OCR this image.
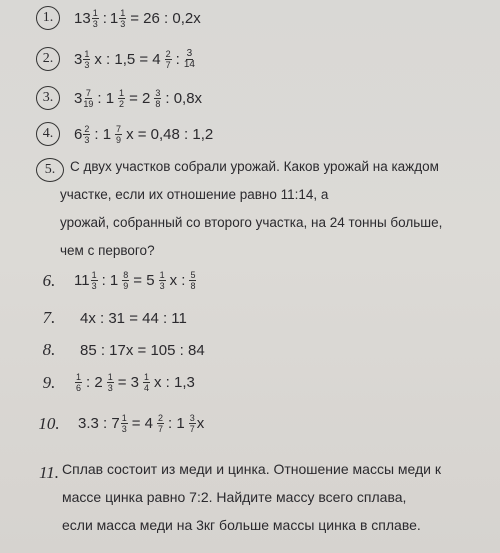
1.	$13 \frac{1}{3}$ : $1 \frac{1}{3} = 26$ : 0,2x
2.	$3 \frac{1}{3}$ x : $1,5 = 4 \frac{2}{7}$ : $\frac{3}{14}$
3.	$3 \frac{7}{19}$ : $1 \frac{1}{2} = 2 \frac{3}{8}$ : 0,8x
4.	$6 \frac{2}{3}$ : $1 \frac{7}{9}$ x = 0,48 : 1,2
5.	С двух участков собрали урожай. Каков урожай на каждом
участке, если их отношение равно 11:14, а
урожай, собранный со второго участка, на 24 тонны больше,
чем с первого?
6.	$11 \frac{1}{3}$ : $1 \frac{8}{9} = 5 \frac{1}{3}$ x : $\frac{5}{8}$
7.	4x : 31 = 44 : 11
8.	85 : 17x = 105 : 84
9.	$\frac{1}{6}$ : $2 \frac{1}{3} = 3 \frac{1}{4}$ x : 1,3
10.	3.3 : $7 \frac{1}{3} = 4 \frac{2}{7}$ : $1 \frac{3}{7}$ x
11. Сплав состоит из меди и цинка. Отношение массы меди к
массе цинка равно 7:2. Найдите массу всего сплава,
если масса меди на 3кг больше массы цинка в сплаве.
